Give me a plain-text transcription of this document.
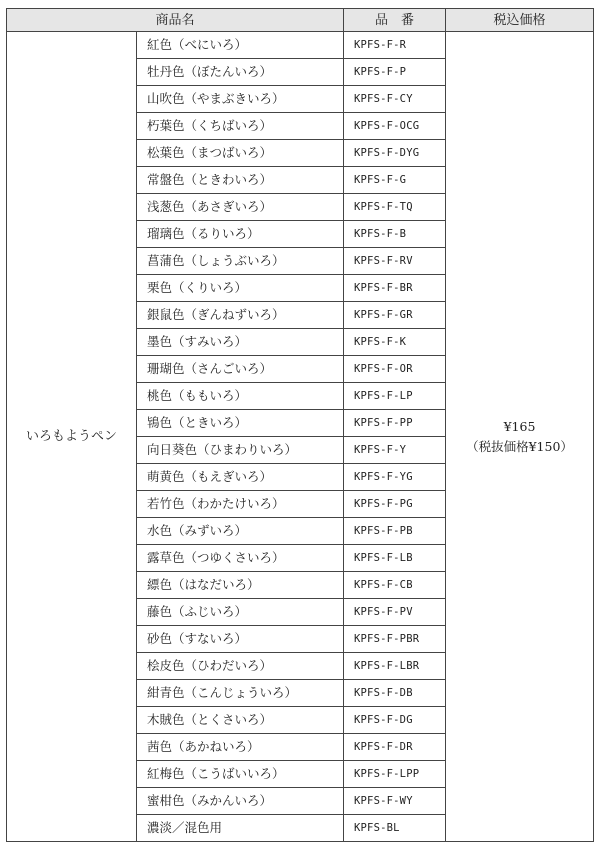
商品名		品　番	税込価格
いろもようペン	紅色（べにいろ）	KPFS-F-R	¥165
（税抜価格¥150）

	牡丹色（ぼたんいろ）	KPFS-F-P	
	山吹色（やまぶきいろ）	KPFS-F-CY	
	朽葉色（くちばいろ）	KPFS-F-OCG	
	松葉色（まつばいろ）	KPFS-F-DYG	
	常盤色（ときわいろ）	KPFS-F-G	
	浅葱色（あさぎいろ）	KPFS-F-TQ	
	瑠璃色（るりいろ）	KPFS-F-B	
	菖蒲色（しょうぶいろ）	KPFS-F-RV	
	栗色（くりいろ）	KPFS-F-BR	
	銀鼠色（ぎんねずいろ）	KPFS-F-GR	
	墨色（すみいろ）	KPFS-F-K	
	珊瑚色（さんごいろ）	KPFS-F-OR	
	桃色（ももいろ）	KPFS-F-LP	
	鴇色（ときいろ）	KPFS-F-PP	
	向日葵色（ひまわりいろ）	KPFS-F-Y	
	萌黄色（もえぎいろ）	KPFS-F-YG	
	若竹色（わかたけいろ）	KPFS-F-PG	
	水色（みずいろ）	KPFS-F-PB	
	露草色（つゆくさいろ）	KPFS-F-LB	
	縹色（はなだいろ）	KPFS-F-CB	
	藤色（ふじいろ）	KPFS-F-PV	
	砂色（すないろ）	KPFS-F-PBR	
	桧皮色（ひわだいろ）	KPFS-F-LBR	
	紺青色（こんじょういろ）	KPFS-F-DB	
	木賊色（とくさいろ）	KPFS-F-DG	
	茜色（あかねいろ）	KPFS-F-DR	
	紅梅色（こうばいいろ）	KPFS-F-LPP	
	蜜柑色（みかんいろ）	KPFS-F-WY	
	濃淡／混色用	KPFS-BL	
